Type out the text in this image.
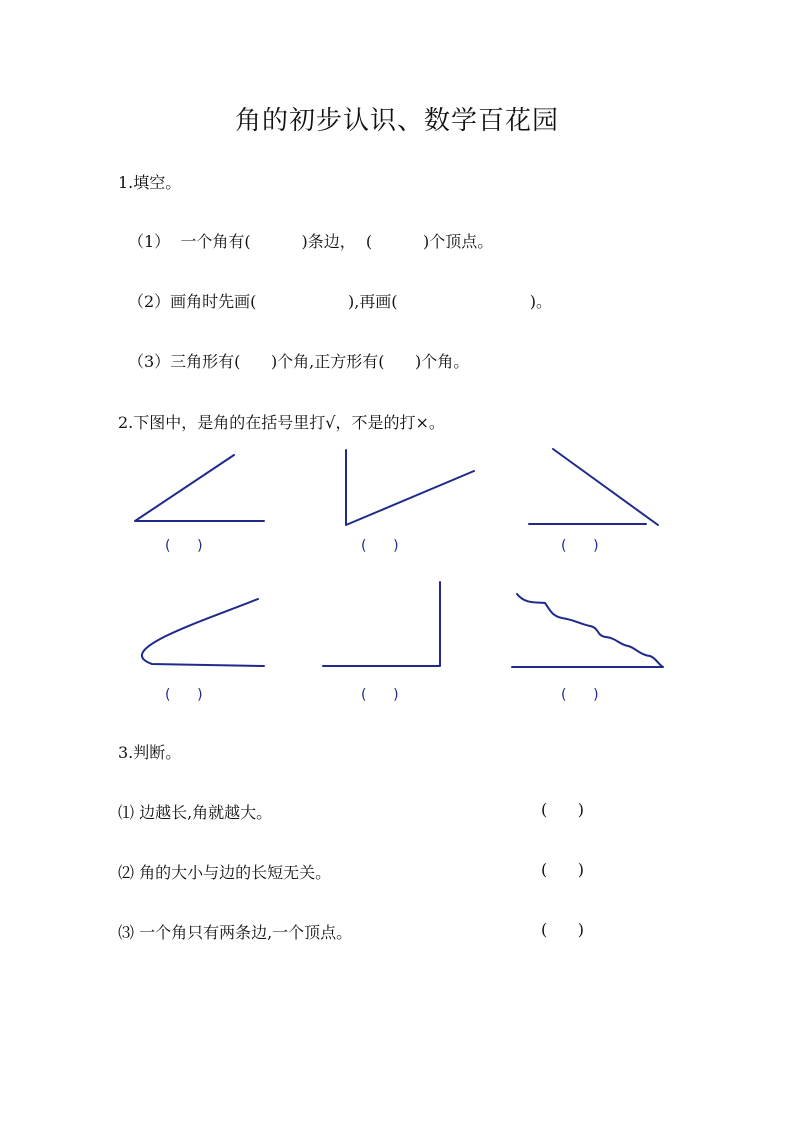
角的初步认识、数学百花园
1.填空。
（1）  一个角有(          )条边，  (          )个顶点。
（2）画角时先画(                  ),再画(                          )。
（3）三角形有(      )个角,正方形有(      )个角。
2.下图中，是角的在括号里打√，不是的打×。
(      )	(      )	(      )
(      )	(      )	(      )
3.判断。
⑴ 边越长,角就越大。	(      )
⑵ 角的大小与边的长短无关。	(      )
⑶ 一个角只有两条边,一个顶点。	(      )
